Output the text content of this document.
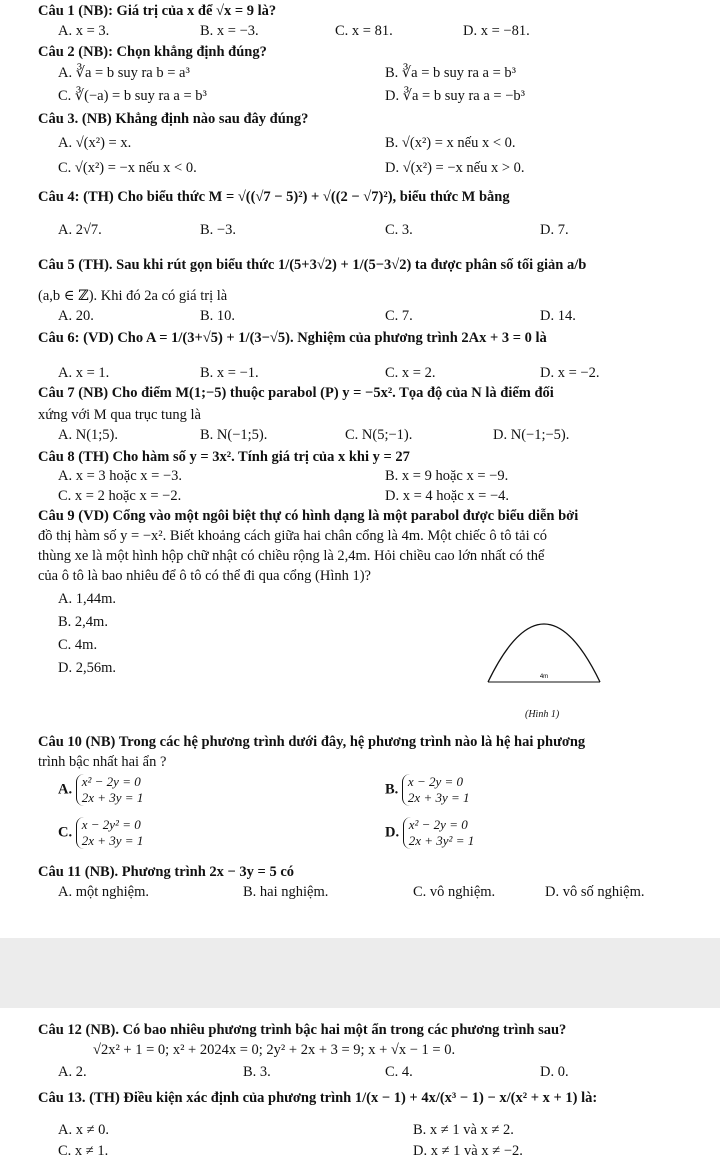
Câu 1 (NB): Giá trị của x để √x = 9 là?
A. x = 3.	B. x = −3.	C. x = 81.	D. x = −81.
Câu 2 (NB): Chọn khẳng định đúng?
A. ∛a = b suy ra b = a³	B. ∛a = b suy ra a = b³
C. ∛(−a) = b suy ra a = b³	D. ∛a = b suy ra a = −b³
Câu 3. (NB) Khẳng định nào sau đây đúng?
A. √(x²) = x.	B. √(x²) = x nếu x < 0.
C. √(x²) = −x nếu x < 0.	D. √(x²) = −x nếu x > 0.
Câu 4: (TH) Cho biểu thức M = √((√7 − 5)²) + √((2 − √7)²), biểu thức M bằng
A. 2√7.	B. −3.	C. 3.	D. 7.
Câu 5 (TH). Sau khi rút gọn biểu thức 1/(5+3√2) + 1/(5−3√2) ta được phân số tối giản a/b
(a,b ∈ ℤ). Khi đó 2a có giá trị là
A. 20.	B. 10.	C. 7.	D. 14.
Câu 6: (VD) Cho A = 1/(3+√5) + 1/(3−√5). Nghiệm của phương trình 2Ax + 3 = 0 là
A. x = 1.	B. x = −1.	C. x = 2.	D. x = −2.
Câu 7 (NB) Cho điểm M(1;−5) thuộc parabol (P) y = −5x². Tọa độ của N là điểm đối
xứng với M qua trục tung là
A. N(1;5).	B. N(−1;5).	C. N(5;−1).	D. N(−1;−5).
Câu 8 (TH) Cho hàm số y = 3x². Tính giá trị của x khi y = 27
A. x = 3 hoặc x = −3.	B. x = 9 hoặc x = −9.
C. x = 2 hoặc x = −2.	D. x = 4 hoặc x = −4.
Câu 9 (VD) Cổng vào một ngôi biệt thự có hình dạng là một parabol được biểu diễn bởi
đồ thị hàm số y = −x². Biết khoảng cách giữa hai chân cổng là 4m. Một chiếc ô tô tải có
thùng xe là một hình hộp chữ nhật có chiều rộng là 2,4m. Hỏi chiều cao lớn nhất có thể
của ô tô là bao nhiêu để ô tô có thể đi qua cổng (Hình 1)?
A. 1,44m.
B. 2,4m.
C. 4m.
D. 2,56m.
4m
(Hình 1)
Câu 10 (NB) Trong các hệ phương trình dưới đây, hệ phương trình nào là hệ hai phương
trình bậc nhất hai ẩn ?
A. x² − 2y = 0
2x + 3y = 1
B. x − 2y = 0
2x + 3y = 1
C. x − 2y² = 0
2x + 3y = 1
D. x² − 2y = 0
2x + 3y² = 1
Câu 11 (NB). Phương trình 2x − 3y = 5 có
A. một nghiệm.	B. hai nghiệm.	C. vô nghiệm.	D. vô số nghiệm.
Câu 12 (NB). Có bao nhiêu phương trình bậc hai một ẩn trong các phương trình sau?
√2x² + 1 = 0; x² + 2024x = 0; 2y² + 2x + 3 = 9; x + √x − 1 = 0.
A. 2.	B. 3.	C. 4.	D. 0.
Câu 13. (TH) Điều kiện xác định của phương trình 1/(x − 1) + 4x/(x³ − 1) − x/(x² + x + 1) là:
A. x ≠ 0.	B. x ≠ 1 và x ≠ 2.
C. x ≠ 1.	D. x ≠ 1 và x ≠ −2.
